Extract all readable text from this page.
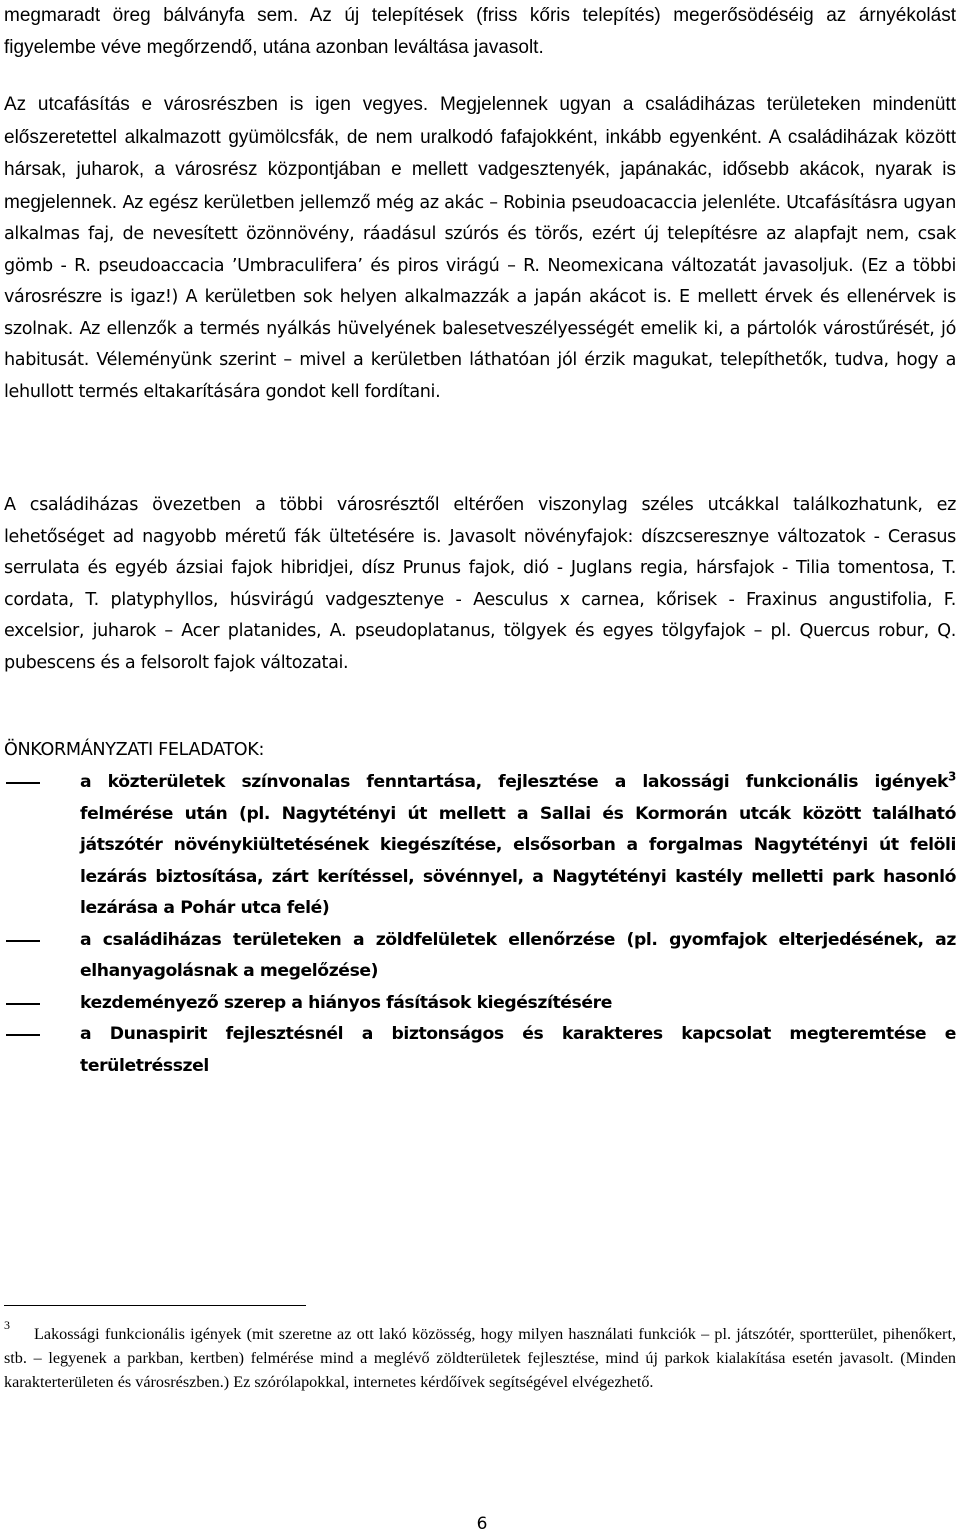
megmaradt öreg bálványfa sem. Az új telepítések (friss kőris telepítés) megerősödéséig az árnyékolást figyelembe véve megőrzendő, utána azonban leváltása javasolt.

Az utcafásítás e városrészben is igen vegyes. Megjelennek ugyan a családiházas területeken mindenütt előszeretettel alkalmazott gyümölcsfák, de nem uralkodó fafajokként, inkább egyenként. A családiházak között hársak, juharok, a városrész központjában e mellett vadgesztenyék, japánakác, idősebb akácok, nyarak is megjelennek. Az egész kerületben jellemző még az akác – Robinia pseudoacaccia jelenléte. Utcafásításra ugyan alkalmas faj, de nevesített özönnövény, ráadásul szúrós és törős, ezért új telepítésre az alapfajt nem, csak gömb - R. pseudoaccacia ’Umbraculifera’ és piros virágú – R. Neomexicana változatát javasoljuk. (Ez a többi városrészre is igaz!) A kerületben sok helyen alkalmazzák a japán akácot is. E mellett érvek és ellenérvek is szolnak. Az ellenzők a termés nyálkás hüvelyének balesetveszélyességét emelik ki, a pártolók várostűrését, jó habitusát. Véleményünk szerint – mivel a kerületben láthatóan jól érzik magukat, telepíthetők, tudva, hogy a lehullott termés eltakarítására gondot kell fordítani.

A családiházas övezetben a többi városrésztől eltérően viszonylag széles utcákkal találkozhatunk, ez lehetőséget ad nagyobb méretű fák ültetésére is. Javasolt növényfajok: díszcseresznye változatok - Cerasus serrulata és egyéb ázsiai fajok hibridjei, dísz Prunus fajok, dió - Juglans regia, hársfajok - Tilia tomentosa, T. cordata, T. platyphyllos, húsvirágú vadgesztenye - Aesculus x carnea, kőrisek - Fraxinus angustifolia, F. excelsior, juharok – Acer platanides, A. pseudoplatanus, tölgyek és egyes tölgyfajok – pl. Quercus robur, Q. pubescens és a felsorolt fajok változatai.

ÖNKORMÁNYZATI FELADATOK:

a közterületek színvonalas fenntartása, fejlesztése a lakossági funkcionális igények$^3$ felmérése után (pl. Nagytétényi út mellett a Sallai és Kormorán utcák között található játszótér növénykiültetésének kiegészítése, elsősorban a forgalmas Nagytétényi út felöli lezárás biztosítása, zárt kerítéssel, sövénnyel, a Nagytétényi kastély melletti park hasonló lezárása a Pohár utca felé)
a családiházas területeken a zöldfelületek ellenőrzése (pl. gyomfajok elterjedésének, az elhanyagolásnak a megelőzése)
kezdeményező szerep a hiányos fásítások kiegészítésére
a Dunaspirit fejlesztésnél a biztonságos és karakteres kapcsolat megteremtése e területrésszel
3	Lakossági funkcionális igények (mit szeretne az ott lakó közösség, hogy milyen használati funkciók – pl. játszótér, sportterület, pihenőkert, stb. – legyenek a parkban, kertben) felmérése mind a meglévő zöldterületek fejlesztése, mind új parkok kialakítása esetén javasolt. (Minden karakterterületen és városrészben.) Ez szórólapokkal, internetes kérdőívek segítségével elvégezhető.

6
